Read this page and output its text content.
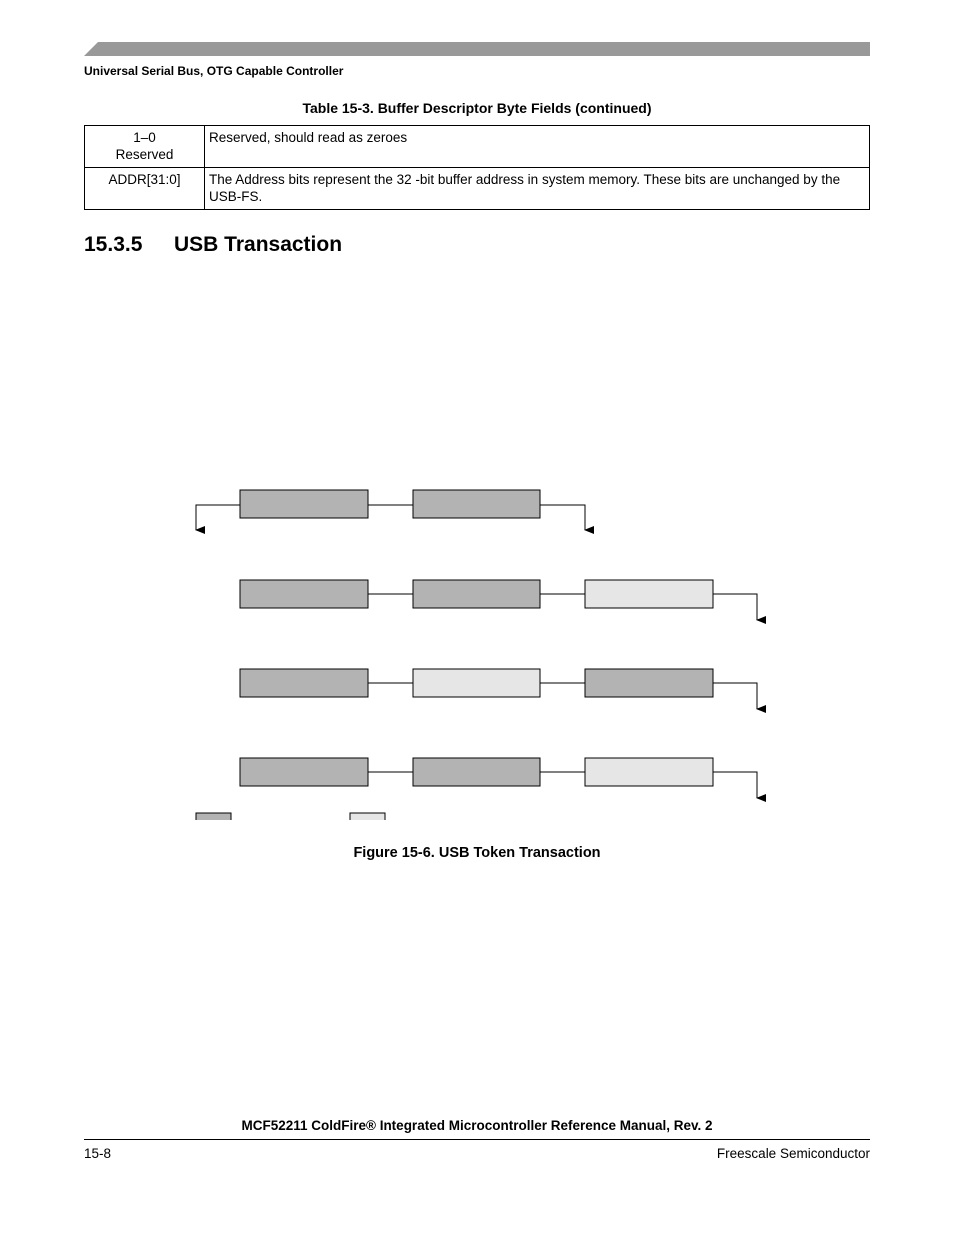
Universal Serial Bus, OTG Capable Controller
Table 15-3. Buffer Descriptor Byte Fields (continued)
1–0
Reserved	Reserved, should read as zeroes

ADDR[31:0]	The Address bits represent the 32 -bit buffer address in system memory. These bits are unchanged by the USB-FS.
15.3.5 USB Transaction
Figure 15-6. USB Token Transaction
MCF52211 ColdFire® Integrated Microcontroller Reference Manual, Rev. 2
15-8	Freescale Semiconductor
